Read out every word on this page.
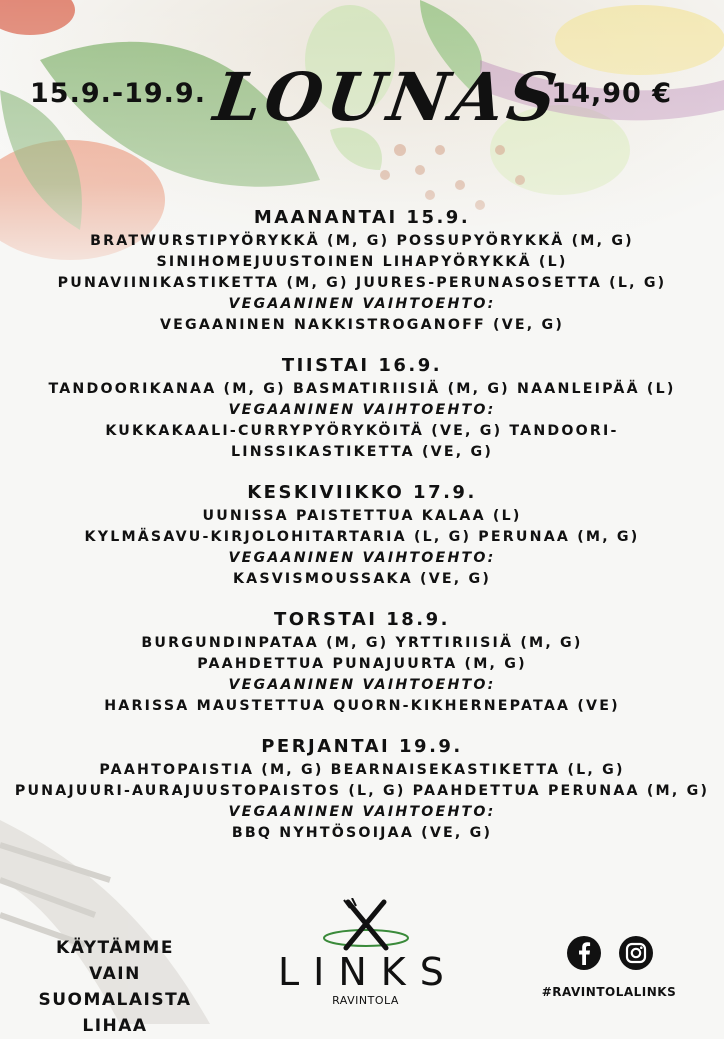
15.9.-19.9. LOUNAS
14,90 €
MAANANTAI 15.9.
BRATWURSTIPYÖRYKKÄ (M, G) POSSUPYÖRYKKÄ (M, G)
SINIHOMEJUUSTOINEN LIHAPYÖRYKKÄ (L)
PUNAVIINIKASTIKETTA (M, G) JUURES-PERUNASOSETTA (L, G)
VEGAANINEN VAIHTOEHTO:
VEGAANINEN NAKKISTROGANOFF (VE, G)
TIISTAI 16.9.
TANDOORIKANAA (M, G) BASMATIRIISIÄ (M, G) NAANLEIPÄÄ (L)
VEGAANINEN VAIHTOEHTO:
KUKKAKAALI-CURRYPYÖRYKÖITÄ (VE, G) TANDOORI-
LINSSIKASTIKETTA (VE, G)
KESKIVIIKKO 17.9.
UUNISSA PAISTETTUA KALAA (L)
KYLMÄSAVU-KIRJOLOHITARTARIA (L, G) PERUNAA (M, G)
VEGAANINEN VAIHTOEHTO:
KASVISMOUSSAKA (VE, G)
TORSTAI 18.9.
BURGUNDINPATAA (M, G) YRTTIRIISIÄ (M, G)
PAAHDETTUA PUNAJUURTA (M, G)
VEGAANINEN VAIHTOEHTO:
HARISSA MAUSTETTUA QUORN-KIKHERNEPATAA (VE)
PERJANTAI 19.9.
PAAHTOPAISTIA (M, G) BEARNAISEKASTIKETTA (L, G)
PUNAJUURI-AURAJUUSTOPAISTOS (L, G) PAAHDETTUA PERUNAA (M, G)
VEGAANINEN VAIHTOEHTO:
BBQ NYHTÖSOIJAA (VE, G)
KÄYTÄMME VAIN
SUOMALAISTA
LIHAA
LINKS
RAVINTOLA
#RAVINTOLALINKS
